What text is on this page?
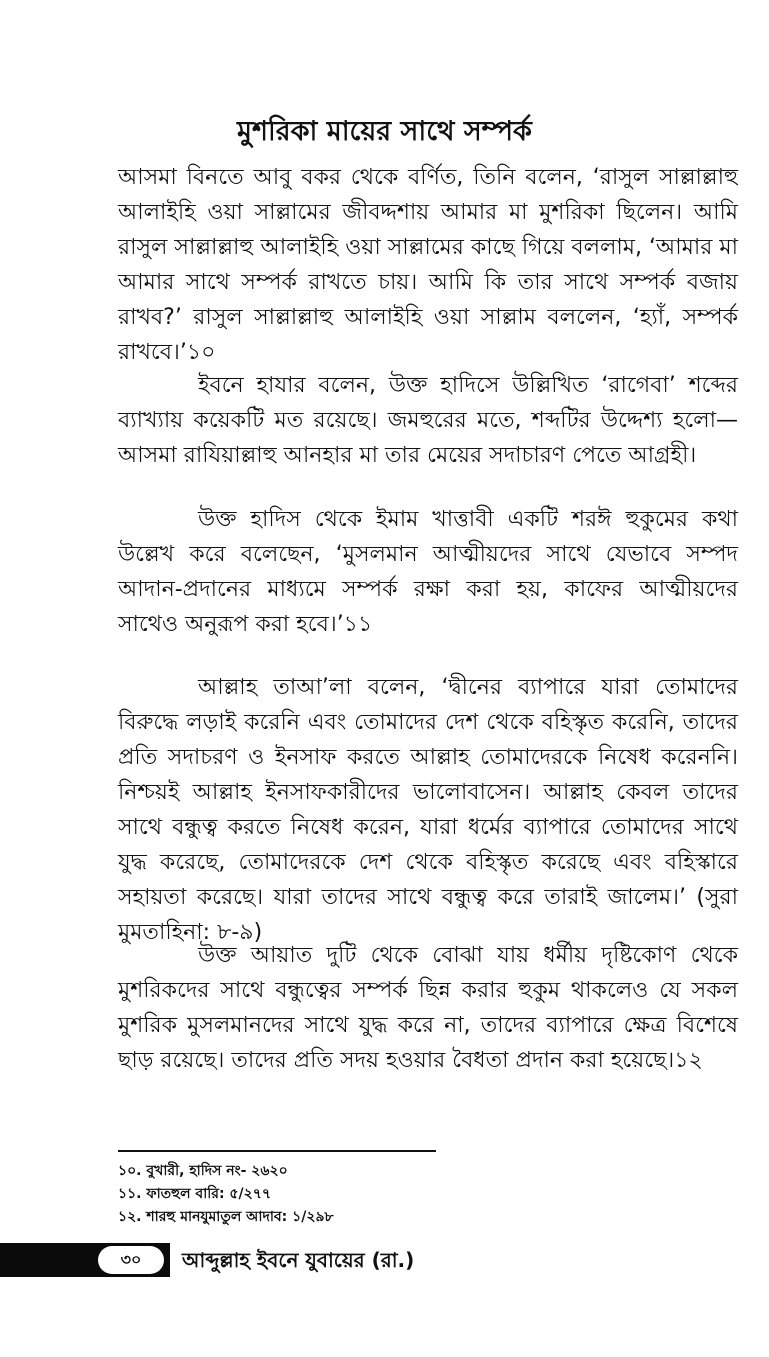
মুশরিকা মায়ের সাথে সম্পর্ক

আসমা বিনতে আবু বকর থেকে বর্ণিত, তিনি বলেন, ‘রাসুল সাল্লাল্লাহু আলাইহি ওয়া সাল্লামের জীবদ্দশায় আমার মা মুশরিকা ছিলেন। আমি রাসুল সাল্লাল্লাহু আলাইহি ওয়া সাল্লামের কাছে গিয়ে বললাম, ‘আমার মা আমার সাথে সম্পর্ক রাখতে চায়। আমি কি তার সাথে সম্পর্ক বজায় রাখব?’ রাসুল সাল্লাল্লাহু আলাইহি ওয়া সাল্লাম বললেন, ‘হ্যাঁ, সম্পর্ক রাখবে।’১০

ইবনে হাযার বলেন, উক্ত হাদিসে উল্লিখিত ‘রাগেবা’ শব্দের ব্যাখ্যায় কয়েকটি মত রয়েছে। জমহুরের মতে, শব্দটির উদ্দেশ্য হলো—আসমা রাযিয়াল্লাহু আনহার মা তার মেয়ের সদাচারণ পেতে আগ্রহী।

উক্ত হাদিস থেকে ইমাম খাত্তাবী একটি শরঈ হুকুমের কথা উল্লেখ করে বলেছেন, ‘মুসলমান আত্মীয়দের সাথে যেভাবে সম্পদ আদান-প্রদানের মাধ্যমে সম্পর্ক রক্ষা করা হয়, কাফের আত্মীয়দের সাথেও অনুরূপ করা হবে।’১১

আল্লাহ তাআ’লা বলেন, ‘দ্বীনের ব্যাপারে যারা তোমাদের বিরুদ্ধে লড়াই করেনি এবং তোমাদের দেশ থেকে বহিস্কৃত করেনি, তাদের প্রতি সদাচরণ ও ইনসাফ করতে আল্লাহ তোমাদেরকে নিষেধ করেননি। নিশ্চয়ই আল্লাহ ইনসাফকারীদের ভালোবাসেন। আল্লাহ কেবল তাদের সাথে বন্ধুত্ব করতে নিষেধ করেন, যারা ধর্মের ব্যাপারে তোমাদের সাথে যুদ্ধ করেছে, তোমাদেরকে দেশ থেকে বহিস্কৃত করেছে এবং বহিস্কারে সহায়তা করেছে। যারা তাদের সাথে বন্ধুত্ব করে তারাই জালেম।’ (সুরা মুমতাহিনা: ৮-৯)

উক্ত আয়াত দুটি থেকে বোঝা যায় ধর্মীয় দৃষ্টিকোণ থেকে মুশরিকদের সাথে বন্ধুত্বের সম্পর্ক ছিন্ন করার হুকুম থাকলেও যে সকল মুশরিক মুসলমানদের সাথে যুদ্ধ করে না, তাদের ব্যাপারে ক্ষেত্র বিশেষে ছাড় রয়েছে। তাদের প্রতি সদয় হওয়ার বৈধতা প্রদান করা হয়েছে।১২

১০. বুখারী, হাদিস নং- ২৬২০
১১. ফাতহুল বারি: ৫/২৭৭
১২. শারহু মানযুমাতুল আদাব: ১/২৯৮
৩০	আব্দুল্লাহ ইবনে যুবায়ের (রা.)
